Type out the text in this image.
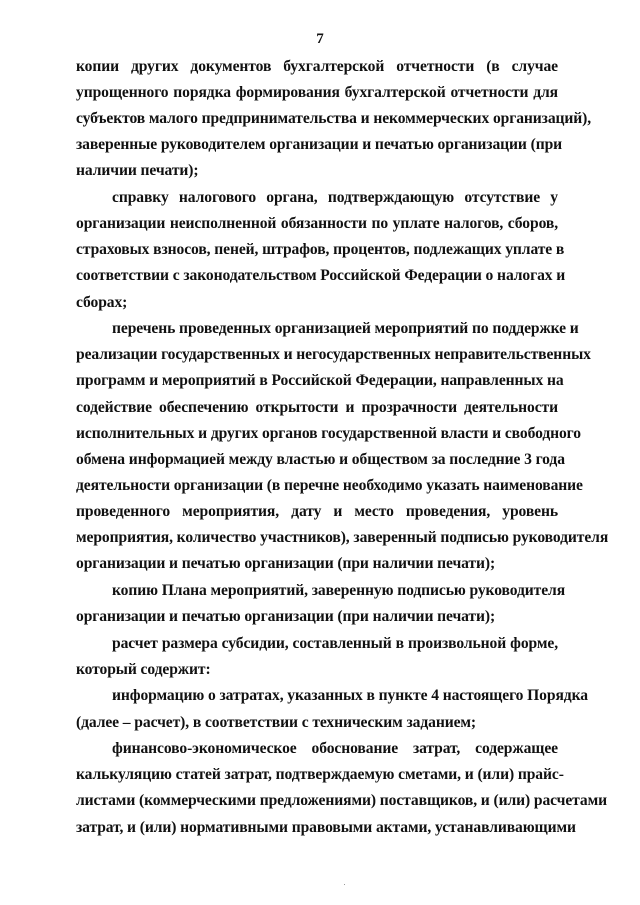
7
копии других документов бухгалтерской отчетности (в случае
упрощенного порядка формирования бухгалтерской отчетности для
субъектов малого предпринимательства и некоммерческих организаций),
заверенные руководителем организации и печатью организации (при
наличии печати);
справку налогового органа, подтверждающую отсутствие у
организации неисполненной обязанности по уплате налогов, сборов,
страховых взносов, пеней, штрафов, процентов, подлежащих уплате в
соответствии с законодательством Российской Федерации о налогах и
сборах;
перечень проведенных организацией мероприятий по поддержке и
реализации государственных и негосударственных неправительственных
программ и мероприятий в Российской Федерации, направленных на
содействие обеспечению открытости и прозрачности деятельности
исполнительных и других органов государственной власти и свободного
обмена информацией между властью и обществом за последние 3 года
деятельности организации (в перечне необходимо указать наименование
проведенного мероприятия, дату и место проведения, уровень
мероприятия, количество участников), заверенный подписью руководителя
организации и печатью организации (при наличии печати);
копию Плана мероприятий, заверенную подписью руководителя
организации и печатью организации (при наличии печати);
расчет размера субсидии, составленный в произвольной форме,
который содержит:
информацию о затратах, указанных в пункте 4 настоящего Порядка
(далее – расчет), в соответствии с техническим заданием;
финансово-экономическое обоснование затрат, содержащее
калькуляцию статей затрат, подтверждаемую сметами, и (или) прайс-
листами (коммерческими предложениями) поставщиков, и (или) расчетами
затрат, и (или) нормативными правовыми актами, устанавливающими
